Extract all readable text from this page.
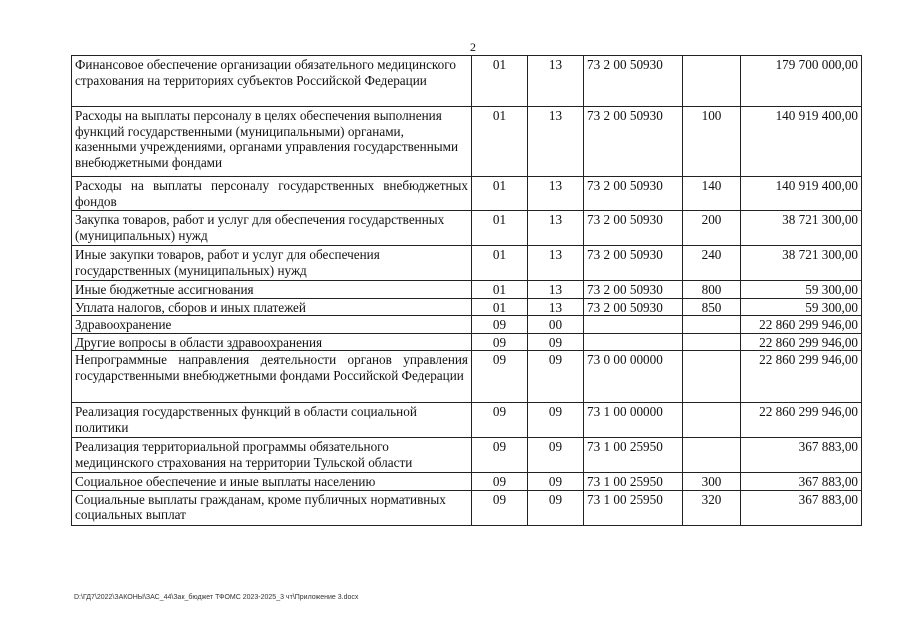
2
Финансовое обеспечение организации обязательного медицинского страхования на территориях субъектов Российской Федерации	01	13	73 2 00 50930		179 700 000,00
Расходы на выплаты персоналу в целях обеспечения выполнения функций государственными (муниципальными) органами, казенными учреждениями, органами управления государственными внебюджетными фондами	01	13	73 2 00 50930	100	140 919 400,00
Расходы на выплаты персоналу государственных внебюджетных фондов	01	13	73 2 00 50930	140	140 919 400,00
Закупка товаров, работ и услуг для обеспечения государственных (муниципальных) нужд	01	13	73 2 00 50930	200	38 721 300,00
Иные закупки товаров, работ и услуг для обеспечения государственных (муниципальных) нужд	01	13	73 2 00 50930	240	38 721 300,00
Иные бюджетные ассигнования	01	13	73 2 00 50930	800	59 300,00
Уплата налогов, сборов и иных платежей	01	13	73 2 00 50930	850	59 300,00
Здравоохранение	09	00			22 860 299 946,00
Другие вопросы в области здравоохранения	09	09			22 860 299 946,00
Непрограммные направления деятельности органов управления государственными внебюджетными фондами Российской Федерации	09	09	73 0 00 00000		22 860 299 946,00
Реализация государственных функций в области социальной политики	09	09	73 1 00 00000		22 860 299 946,00
Реализация территориальной программы обязательного медицинского страхования на территории Тульской области	09	09	73 1 00 25950		367 883,00
Социальное обеспечение и иные выплаты населению	09	09	73 1 00 25950	300	367 883,00
Социальные выплаты гражданам, кроме публичных нормативных социальных выплат	09	09	73 1 00 25950	320	367 883,00
D:\ГД7\2022\ЗАКОНЫ\ЗАС_44\Зак_бюджет ТФОМС 2023-2025_3 чт\Приложение 3.docx
